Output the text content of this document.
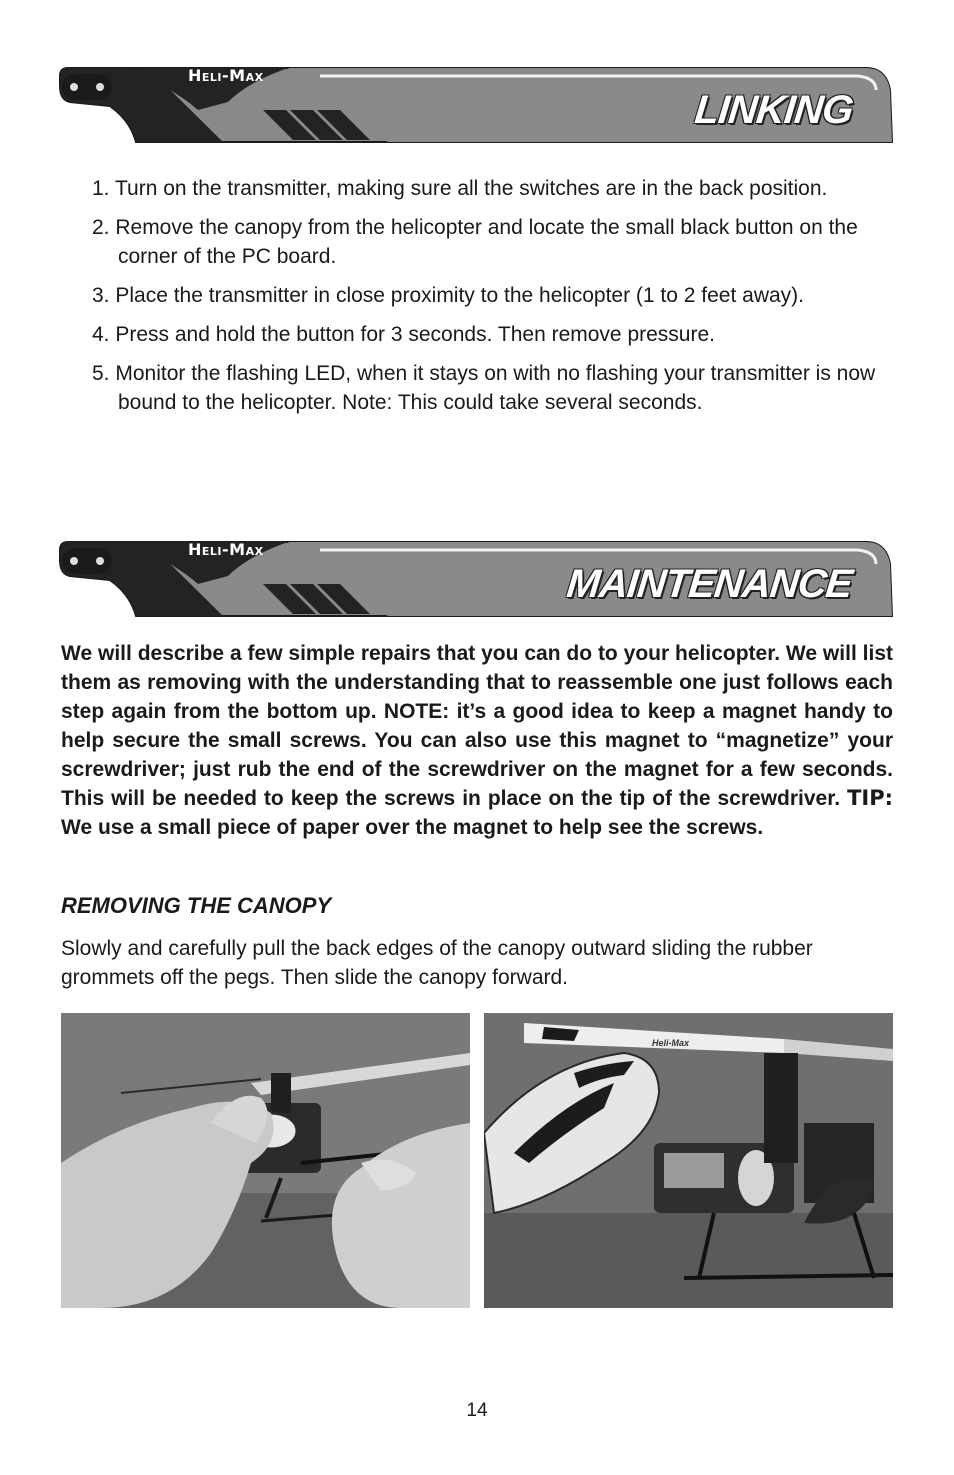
Heli-Max
LINKING
1. Turn on the transmitter, making sure all the switches are in the back position.
2. Remove the canopy from the helicopter and locate the small black button on the corner of the PC board.
3. Place the transmitter in close proximity to the helicopter (1 to 2 feet away).
4. Press and hold the button for 3 seconds. Then remove pressure.
5. Monitor the flashing LED, when it stays on with no flashing your transmitter is now bound to the helicopter. Note: This could take several seconds.
Heli-Max
MAINTENANCE

We will describe a few simple repairs that you can do to your helicopter. We will list them as removing with the understanding that to reassemble one just follows each step again from the bottom up. NOTE: it’s a good idea to keep a magnet handy to help secure the small screws. You can also use this magnet to “magnetize” your screwdriver; just rub the end of the screwdriver on the magnet for a few seconds. This will be needed to keep the screws in place on the tip of the screwdriver. TIP: We use a small piece of paper over the magnet to help see the screws.

REMOVING THE CANOPY

Slowly and carefully pull the back edges of the canopy outward sliding the rubber grommets off the pegs. Then slide the canopy forward.

Heli-Max
14
